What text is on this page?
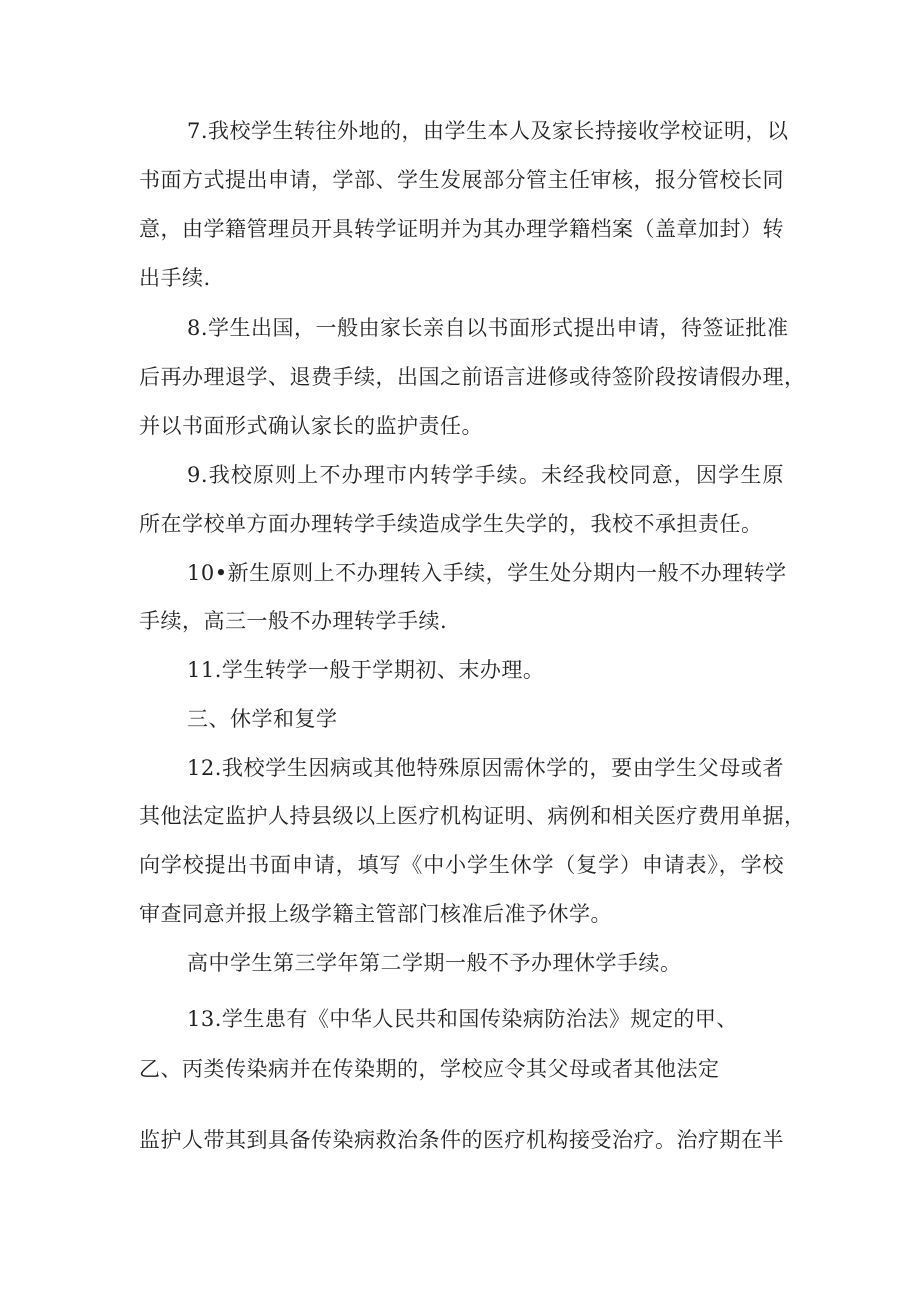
7.我校学生转往外地的，由学生本人及家长持接收学校证明，以
书面方式提出申请，学部、学生发展部分管主任审核，报分管校长同
意，由学籍管理员开具转学证明并为其办理学籍档案（盖章加封）转
出手续.
8.学生出国，一般由家长亲自以书面形式提出申请，待签证批准
后再办理退学、退费手续，出国之前语言进修或待签阶段按请假办理，
并以书面形式确认家长的监护责任。
9.我校原则上不办理市内转学手续。未经我校同意，因学生原
所在学校单方面办理转学手续造成学生失学的，我校不承担责任。
10•新生原则上不办理转入手续，学生处分期内一般不办理转学
手续，高三一般不办理转学手续.
11.学生转学一般于学期初、末办理。
三、休学和复学
12.我校学生因病或其他特殊原因需休学的，要由学生父母或者
其他法定监护人持县级以上医疗机构证明、病例和相关医疗费用单据，
向学校提出书面申请，填写《中小学生休学（复学）申请表》，学校
审查同意并报上级学籍主管部门核准后准予休学。
高中学生第三学年第二学期一般不予办理休学手续。
13.学生患有《中华人民共和国传染病防治法》规定的甲、
乙、丙类传染病并在传染期的，学校应令其父母或者其他法定
监护人带其到具备传染病救治条件的医疗机构接受治疗。治疗期在半
